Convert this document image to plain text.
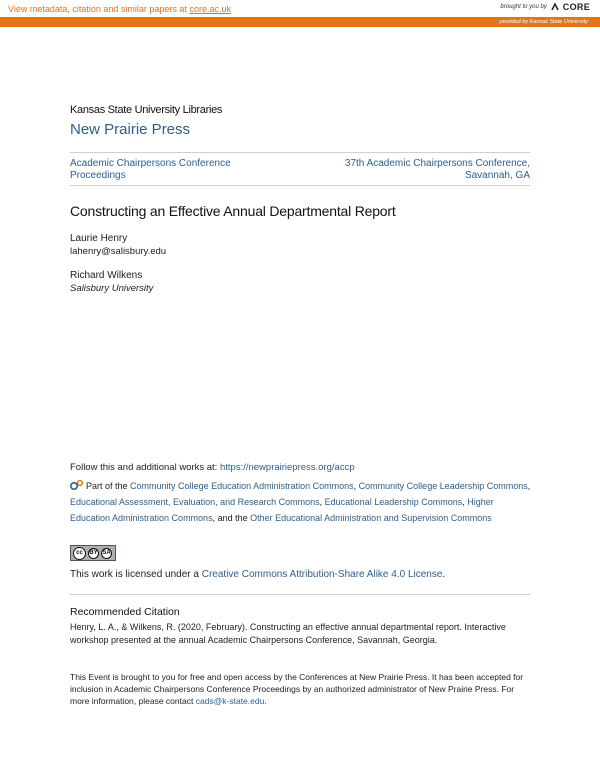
View metadata, citation and similar papers at core.ac.uk	brought to you by CORE
provided by Kansas State University
Kansas State University Libraries
New Prairie Press
Academic Chairpersons Conference Proceedings
37th Academic Chairpersons Conference, Savannah, GA
Constructing an Effective Annual Departmental Report
Laurie Henry
lahenry@salisbury.edu
Richard Wilkens
Salisbury University
Follow this and additional works at: https://newprairiepress.org/accp
Part of the Community College Education Administration Commons, Community College Leadership Commons, Educational Assessment, Evaluation, and Research Commons, Educational Leadership Commons, Higher Education Administration Commons, and the Other Educational Administration and Supervision Commons
cc	BY SA
This work is licensed under a Creative Commons Attribution-Share Alike 4.0 License.
Recommended Citation
Henry, L. A., & Wilkens, R. (2020, February). Constructing an effective annual departmental report. Interactive workshop presented at the annual Academic Chairpersons Conference, Savannah, Georgia.
This Event is brought to you for free and open access by the Conferences at New Prairie Press. It has been accepted for inclusion in Academic Chairpersons Conference Proceedings by an authorized administrator of New Prairie Press. For more information, please contact cads@k-state.edu.
